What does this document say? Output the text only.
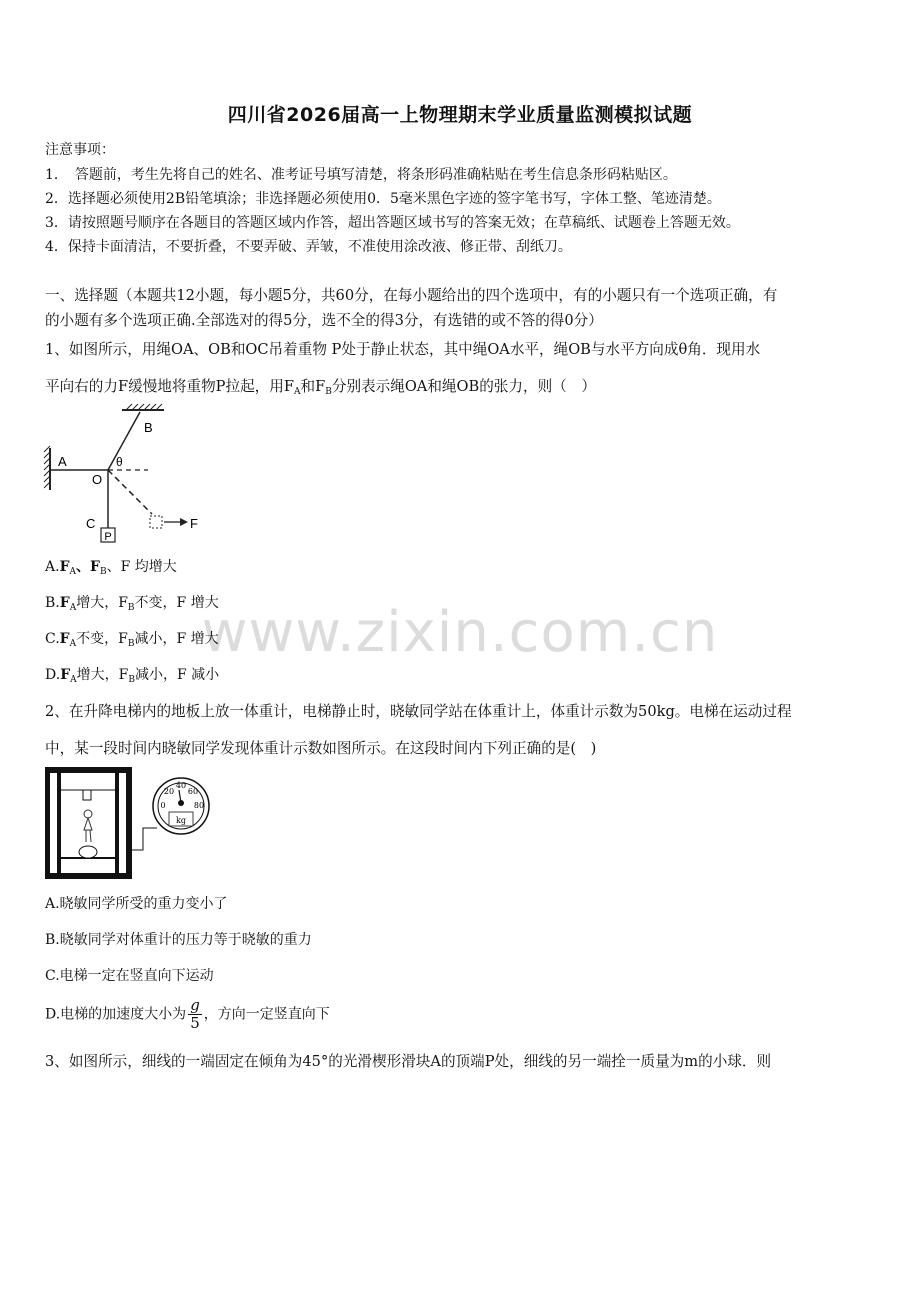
www.zixin.com.cn
四川省2026届高一上物理期末学业质量监测模拟试题
注意事项：
1．　答题前，考生先将自己的姓名、准考证号填写清楚，将条形码准确粘贴在考生信息条形码粘贴区。
2．选择题必须使用2B铅笔填涂；非选择题必须使用0．5毫米黑色字迹的签字笔书写，字体工整、笔迹清楚。
3．请按照题号顺序在各题目的答题区域内作答，超出答题区域书写的答案无效；在草稿纸、试题卷上答题无效。
4．保持卡面清洁，不要折叠，不要弄破、弄皱，不准使用涂改液、修正带、刮纸刀。
一、选择题（本题共12小题，每小题5分，共60分，在每小题给出的四个选项中，有的小题只有一个选项正确，有
的小题有多个选项正确.全部选对的得5分，选不全的得3分，有选错的或不答的得0分）
1、如图所示，用绳OA、OB和OC吊着重物 P处于静止状态，其中绳OA水平，绳OB与水平方向成θ角．现用水
平向右的力F缓慢地将重物P拉起，用$F_A$和$F_B$分别表示绳OA和绳OB的张力，则（　）
P
A
B
O
C
θ
F
$A.F_A$、$F_B$、F 均增大
$B.F_A$增大，$F_B$不变，F 增大
$C.F_A$不变，$F_B$减小，F 增大
$D.F_A$增大，$F_B$减小，F 减小
2、在升降电梯内的地板上放一体重计，电梯静止时，晓敏同学站在体重计上，体重计示数为50kg。电梯在运动过程
中，某一段时间内晓敏同学发现体重计示数如图所示。在这段时间内下列正确的是(　)
40
20 60
0	80
kg
A.晓敏同学所受的重力变小了
B.晓敏同学对体重计的压力等于晓敏的重力
C.电梯一定在竖直向下运动
D.电梯的加速度大小为 $\frac{g}{5}$ ，方向一定竖直向下
3、如图所示，细线的一端固定在倾角为45°的光滑楔形滑块A的顶端P处，细线的另一端拴一质量为m的小球．则
